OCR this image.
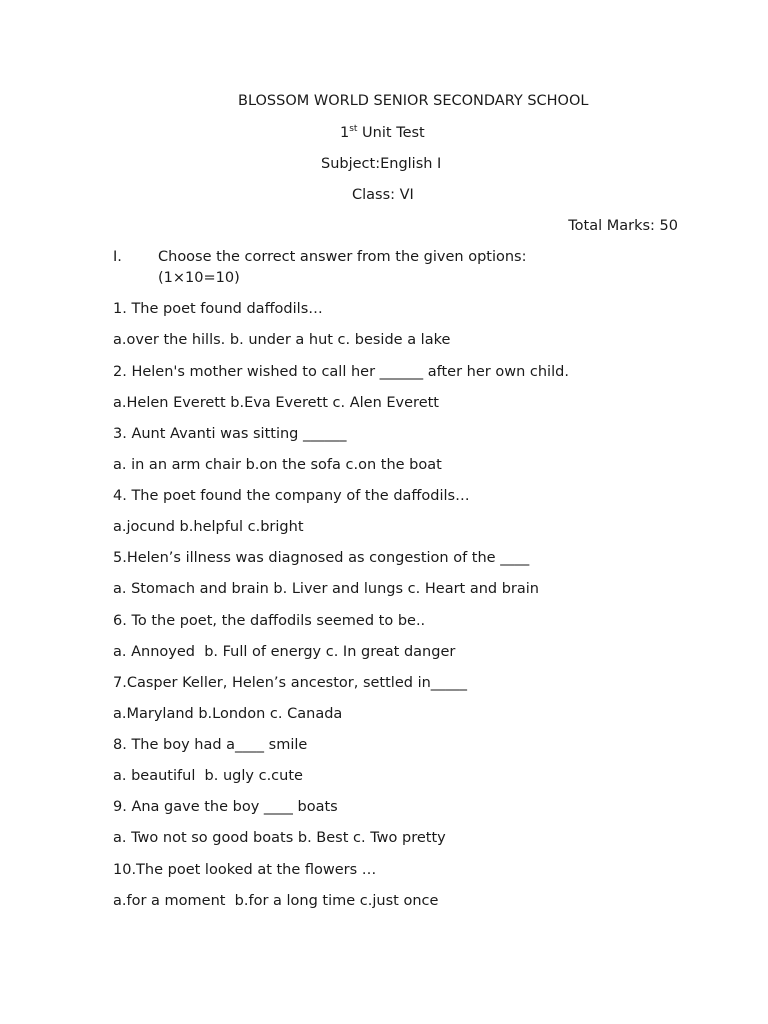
BLOSSOM WORLD SENIOR SECONDARY SCHOOL
1st Unit Test
Subject:English I
Class: VI
Total Marks: 50
I. Choose the correct answer from the given options:
(1×10=10)
1. The poet found daffodils…
a.over the hills. b. under a hut c. beside a lake
2. Helen's mother wished to call her ______ after her own child.
a.Helen Everett b.Eva Everett c. Alen Everett
3. Aunt Avanti was sitting ______
a. in an arm chair b.on the sofa c.on the boat
4. The poet found the company of the daffodils…
a.jocund b.helpful c.bright
5.Helen’s illness was diagnosed as congestion of the ____
a. Stomach and brain b. Liver and lungs c. Heart and brain
6. To the poet, the daffodils seemed to be..
a. Annoyed  b. Full of energy c. In great danger
7.Casper Keller, Helen’s ancestor, settled in_____
a.Maryland b.London c. Canada
8. The boy had a____ smile
a. beautiful  b. ugly c.cute
9. Ana gave the boy ____ boats
a. Two not so good boats b. Best c. Two pretty
10.The poet looked at the flowers …
a.for a moment  b.for a long time c.just once
